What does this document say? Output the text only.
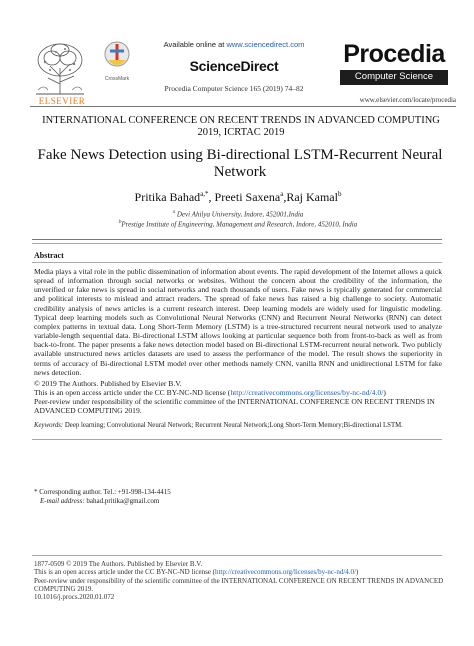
ELSEVIER
CrossMark
Available online at www.sciencedirect.com
ScienceDirect
Procedia Computer Science 165 (2019) 74–82
Procedia
Computer Science
www.elsevier.com/locate/procedia
INTERNATIONAL CONFERENCE ON RECENT TRENDS IN ADVANCED COMPUTING 2019, ICRTAC 2019
Fake News Detection using Bi-directional LSTM-Recurrent Neural Network
Pritika Bahad$^{a,*}$, Preeti Saxena$^a$,Raj Kamal$^b$
$^a$ Devi Ahilya University, Indore, 452001,India
$^b$Prestige Institute of Engineering, Management and Research, Indore, 452010, India
Abstract
Media plays a vital role in the public dissemination of information about events. The rapid development of the Internet allows a quick spread of information through social networks or websites. Without the concern about the credibility of the information, the unverified or fake news is spread in social networks and reach thousands of users. Fake news is typically generated for commercial and political interests to mislead and attract readers. The spread of fake news has raised a big challenge to society. Automatic credibility analysis of news articles is a current research interest. Deep learning models are widely used for linguistic modeling. Typical deep learning models such as Convolutional Neural Networks (CNN) and Recurrent Neural Networks (RNN) can detect complex patterns in textual data. Long Short-Term Memory (LSTM) is a tree-structured recurrent neural network used to analyze variable-length sequential data. Bi-directional LSTM allows looking at particular sequence both from front-to-back as well as from back-to-front. The paper presents a fake news detection model based on Bi-directional LSTM-recurrent neural network. Two publicly available unstructured news articles datasets are used to assess the performance of the model. The result shows the superiority in terms of accuracy of Bi-directional LSTM model over other methods namely CNN, vanilla RNN and unidirectional LSTM for fake news detection.
© 2019 The Authors. Published by Elsevier B.V.
This is an open access article under the CC BY-NC-ND license (http://creativecommons.org/licenses/by-nc-nd/4.0/)
Peer-review under responsibility of the scientific committee of the INTERNATIONAL CONFERENCE ON RECENT TRENDS IN ADVANCED COMPUTING 2019.
Keywords: Deep learning; Convolutional Neural Network; Recurrent Neural Network;Long Short-Term Memory;Bi-directional LSTM.
* Corresponding author. Tel.: +91-998-134-4415
E-mail address: bahad.pritika@gmail.com
1877-0509 © 2019 The Authors. Published by Elsevier B.V.
This is an open access article under the CC BY-NC-ND license (http://creativecommons.org/licenses/by-nc-nd/4.0/)
Peer-review under responsibility of the scientific committee of the INTERNATIONAL CONFERENCE ON RECENT TRENDS IN ADVANCED COMPUTING 2019.
10.1016/j.procs.2020.01.072
